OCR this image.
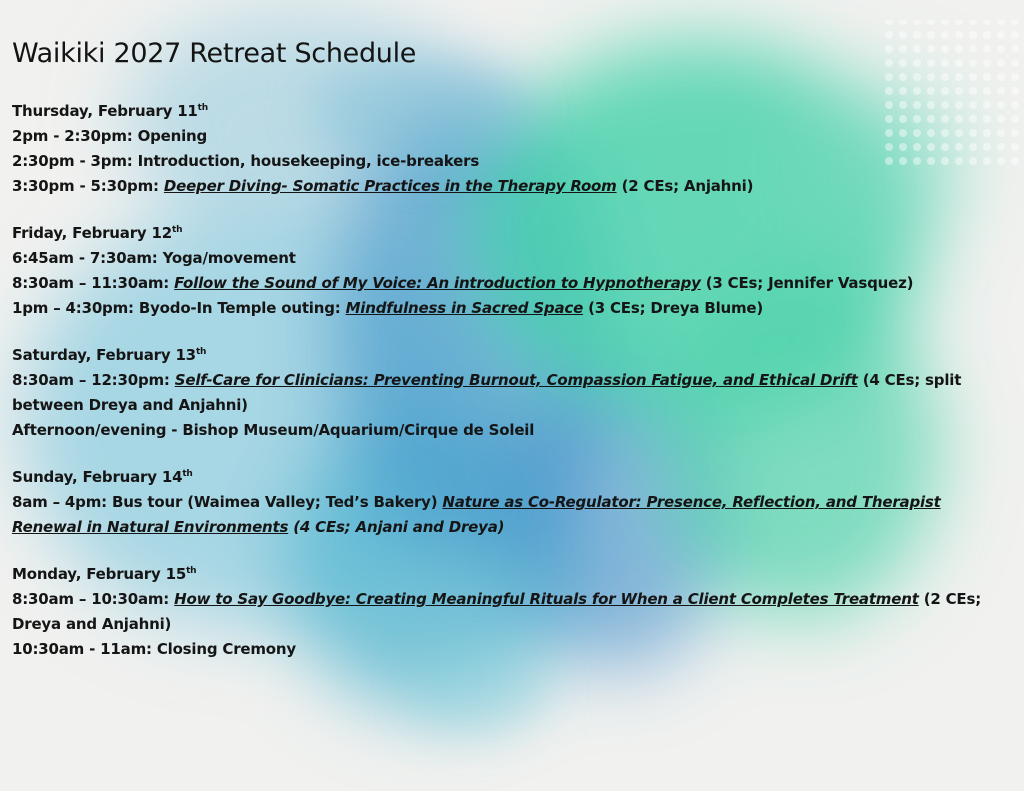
Waikiki 2027 Retreat Schedule
Thursday, February 11th
2pm - 2:30pm: Opening
2:30pm - 3pm: Introduction, housekeeping, ice-breakers
3:30pm - 5:30pm: Deeper Diving- Somatic Practices in the Therapy Room (2 CEs; Anjahni)
Friday, February 12th
6:45am - 7:30am: Yoga/movement
8:30am – 11:30am: Follow the Sound of My Voice: An introduction to Hypnotherapy (3 CEs; Jennifer Vasquez)
1pm – 4:30pm: Byodo-In Temple outing: Mindfulness in Sacred Space (3 CEs; Dreya Blume)
Saturday, February 13th
8:30am – 12:30pm: Self-Care for Clinicians: Preventing Burnout, Compassion Fatigue, and Ethical Drift (4 CEs; split between Dreya and Anjahni)
Afternoon/evening - Bishop Museum/Aquarium/Cirque de Soleil
Sunday, February 14th
8am – 4pm: Bus tour (Waimea Valley; Ted’s Bakery) Nature as Co-Regulator: Presence, Reflection, and Therapist Renewal in Natural Environments (4 CEs; Anjani and Dreya)
Monday, February 15th
8:30am – 10:30am: How to Say Goodbye: Creating Meaningful Rituals for When a Client Completes Treatment (2 CEs; Dreya and Anjahni)
10:30am - 11am: Closing Cremony
